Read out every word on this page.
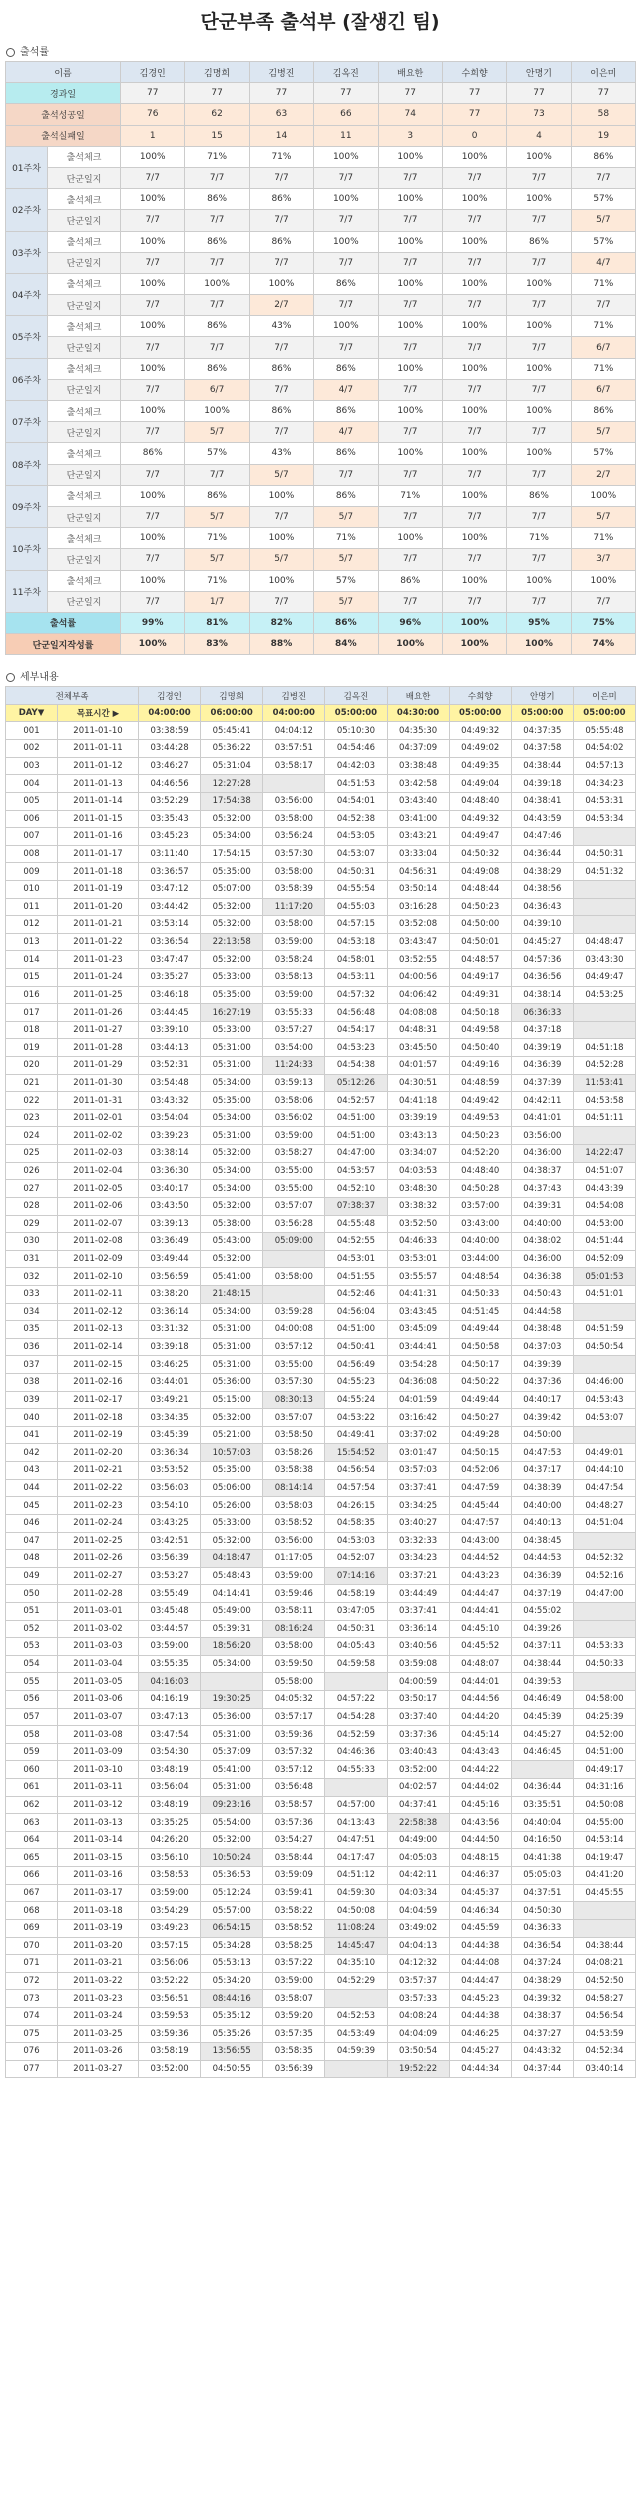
단군부족 출석부 (잘생긴 팀)
출석률
이름		김경인	김명희	김병진	김옥진	배요한	수희향	안명기	이은미
경과일		77	77	77	77	77	77	77	77
출석성공일		76	62	63	66	74	77	73	58
출석실패일		1	15	14	11	3	0	4	19
01주차	출석체크	100%	71%	71%	100%	100%	100%	100%	86%
	단군일지	7/7	7/7	7/7	7/7	7/7	7/7	7/7	7/7
02주차	출석체크	100%	86%	86%	100%	100%	100%	100%	57%
	단군일지	7/7	7/7	7/7	7/7	7/7	7/7	7/7	5/7
03주차	출석체크	100%	86%	86%	100%	100%	100%	86%	57%
	단군일지	7/7	7/7	7/7	7/7	7/7	7/7	7/7	4/7
04주차	출석체크	100%	100%	100%	86%	100%	100%	100%	71%
	단군일지	7/7	7/7	2/7	7/7	7/7	7/7	7/7	7/7
05주차	출석체크	100%	86%	43%	100%	100%	100%	100%	71%
	단군일지	7/7	7/7	7/7	7/7	7/7	7/7	7/7	6/7
06주차	출석체크	100%	86%	86%	86%	100%	100%	100%	71%
	단군일지	7/7	6/7	7/7	4/7	7/7	7/7	7/7	6/7
07주차	출석체크	100%	100%	86%	86%	100%	100%	100%	86%
	단군일지	7/7	5/7	7/7	4/7	7/7	7/7	7/7	5/7
08주차	출석체크	86%	57%	43%	86%	100%	100%	100%	57%
	단군일지	7/7	7/7	5/7	7/7	7/7	7/7	7/7	2/7
09주차	출석체크	100%	86%	100%	86%	71%	100%	86%	100%
	단군일지	7/7	5/7	7/7	5/7	7/7	7/7	7/7	5/7
10주차	출석체크	100%	71%	100%	71%	100%	100%	71%	71%
	단군일지	7/7	5/7	5/7	5/7	7/7	7/7	7/7	3/7
11주차	출석체크	100%	71%	100%	57%	86%	100%	100%	100%
	단군일지	7/7	1/7	7/7	5/7	7/7	7/7	7/7	7/7
출석률		99%	81%	82%	86%	96%	100%	95%	75%
단군일지작성률		100%	83%	88%	84%	100%	100%	100%	74%
세부내용
전체부족		김경인	김명희	김병진	김옥진	배요한	수희향	안명기	이은미
DAY▼	목표시간 ▶	04:00:00	06:00:00	04:00:00	05:00:00	04:30:00	05:00:00	05:00:00	05:00:00
001	2011-01-10	03:38:59	05:45:41	04:04:12	05:10:30	04:35:30	04:49:32	04:37:35	05:55:48
002	2011-01-11	03:44:28	05:36:22	03:57:51	04:54:46	04:37:09	04:49:02	04:37:58	04:54:02
003	2011-01-12	03:46:27	05:31:04	03:58:17	04:42:03	03:38:48	04:49:35	04:38:44	04:57:13
004	2011-01-13	04:46:56	12:27:28		04:51:53	03:42:58	04:49:04	04:39:18	04:34:23
005	2011-01-14	03:52:29	17:54:38	03:56:00	04:54:01	03:43:40	04:48:40	04:38:41	04:53:31
006	2011-01-15	03:35:43	05:32:00	03:58:00	04:52:38	03:41:00	04:49:32	04:43:59	04:53:34
007	2011-01-16	03:45:23	05:34:00	03:56:24	04:53:05	03:43:21	04:49:47	04:47:46	
008	2011-01-17	03:11:40	17:54:15	03:57:30	04:53:07	03:33:04	04:50:32	04:36:44	04:50:31
009	2011-01-18	03:36:57	05:35:00	03:58:00	04:50:31	04:56:31	04:49:08	04:38:29	04:51:32
010	2011-01-19	03:47:12	05:07:00	03:58:39	04:55:54	03:50:14	04:48:44	04:38:56	
011	2011-01-20	03:44:42	05:32:00	11:17:20	04:55:03	03:16:28	04:50:23	04:36:43	
012	2011-01-21	03:53:14	05:32:00	03:58:00	04:57:15	03:52:08	04:50:00	04:39:10	
013	2011-01-22	03:36:54	22:13:58	03:59:00	04:53:18	03:43:47	04:50:01	04:45:27	04:48:47
014	2011-01-23	03:47:47	05:32:00	03:58:24	04:58:01	03:52:55	04:48:57	04:57:36	03:43:30
015	2011-01-24	03:35:27	05:33:00	03:58:13	04:53:11	04:00:56	04:49:17	04:36:56	04:49:47
016	2011-01-25	03:46:18	05:35:00	03:59:00	04:57:32	04:06:42	04:49:31	04:38:14	04:53:25
017	2011-01-26	03:44:45	16:27:19	03:55:33	04:56:48	04:08:08	04:50:18	06:36:33	
018	2011-01-27	03:39:10	05:33:00	03:57:27	04:54:17	04:48:31	04:49:58	04:37:18	
019	2011-01-28	03:44:13	05:31:00	03:54:00	04:53:23	03:45:50	04:50:40	04:39:19	04:51:18
020	2011-01-29	03:52:31	05:31:00	11:24:33	04:54:38	04:01:57	04:49:16	04:36:39	04:52:28
021	2011-01-30	03:54:48	05:34:00	03:59:13	05:12:26	04:30:51	04:48:59	04:37:39	11:53:41
022	2011-01-31	03:43:32	05:35:00	03:58:06	04:52:57	04:41:18	04:49:42	04:42:11	04:53:58
023	2011-02-01	03:54:04	05:34:00	03:56:02	04:51:00	03:39:19	04:49:53	04:41:01	04:51:11
024	2011-02-02	03:39:23	05:31:00	03:59:00	04:51:00	03:43:13	04:50:23	03:56:00	
025	2011-02-03	03:38:14	05:32:00	03:58:27	04:47:00	03:34:07	04:52:20	04:36:00	14:22:47
026	2011-02-04	03:36:30	05:34:00	03:55:00	04:53:57	04:03:53	04:48:40	04:38:37	04:51:07
027	2011-02-05	03:40:17	05:34:00	03:55:00	04:52:10	03:48:30	04:50:28	04:37:43	04:43:39
028	2011-02-06	03:43:50	05:32:00	03:57:07	07:38:37	03:38:32	03:57:00	04:39:31	04:54:08
029	2011-02-07	03:39:13	05:38:00	03:56:28	04:55:48	03:52:50	03:43:00	04:40:00	04:53:00
030	2011-02-08	03:36:49	05:43:00	05:09:00	04:52:55	04:46:33	04:40:00	04:38:02	04:51:44
031	2011-02-09	03:49:44	05:32:00		04:53:01	03:53:01	03:44:00	04:36:00	04:52:09
032	2011-02-10	03:56:59	05:41:00	03:58:00	04:51:55	03:55:57	04:48:54	04:36:38	05:01:53
033	2011-02-11	03:38:20	21:48:15		04:52:46	04:41:31	04:50:33	04:50:43	04:51:01
034	2011-02-12	03:36:14	05:34:00	03:59:28	04:56:04	03:43:45	04:51:45	04:44:58	
035	2011-02-13	03:31:32	05:31:00	04:00:08	04:51:00	03:45:09	04:49:44	04:38:48	04:51:59
036	2011-02-14	03:39:18	05:31:00	03:57:12	04:50:41	03:44:41	04:50:58	04:37:03	04:50:54
037	2011-02-15	03:46:25	05:31:00	03:55:00	04:56:49	03:54:28	04:50:17	04:39:39	
038	2011-02-16	03:44:01	05:36:00	03:57:30	04:55:23	04:36:08	04:50:22	04:37:36	04:46:00
039	2011-02-17	03:49:21	05:15:00	08:30:13	04:55:24	04:01:59	04:49:44	04:40:17	04:53:43
040	2011-02-18	03:34:35	05:32:00	03:57:07	04:53:22	03:16:42	04:50:27	04:39:42	04:53:07
041	2011-02-19	03:45:39	05:21:00	03:58:50	04:49:41	03:37:02	04:49:28	04:50:00	
042	2011-02-20	03:36:34	10:57:03	03:58:26	15:54:52	03:01:47	04:50:15	04:47:53	04:49:01
043	2011-02-21	03:53:52	05:35:00	03:58:38	04:56:54	03:57:03	04:52:06	04:37:17	04:44:10
044	2011-02-22	03:56:03	05:06:00	08:14:14	04:57:54	03:37:41	04:47:59	04:38:39	04:47:54
045	2011-02-23	03:54:10	05:26:00	03:58:03	04:26:15	03:34:25	04:45:44	04:40:00	04:48:27
046	2011-02-24	03:43:25	05:33:00	03:58:52	04:58:35	03:40:27	04:47:57	04:40:13	04:51:04
047	2011-02-25	03:42:51	05:32:00	03:56:00	04:53:03	03:32:33	04:43:00	04:38:45	
048	2011-02-26	03:56:39	04:18:47	01:17:05	04:52:07	03:34:23	04:44:52	04:44:53	04:52:32
049	2011-02-27	03:53:27	05:48:43	03:59:00	07:14:16	03:37:21	04:43:23	04:36:39	04:52:16
050	2011-02-28	03:55:49	04:14:41	03:59:46	04:58:19	03:44:49	04:44:47	04:37:19	04:47:00
051	2011-03-01	03:45:48	05:49:00	03:58:11	03:47:05	03:37:41	04:44:41	04:55:02	
052	2011-03-02	03:44:57	05:39:31	08:16:24	04:50:31	03:36:14	04:45:10	04:39:26	
053	2011-03-03	03:59:00	18:56:20	03:58:00	04:05:43	03:40:56	04:45:52	04:37:11	04:53:33
054	2011-03-04	03:55:35	05:34:00	03:59:50	04:59:58	03:59:08	04:48:07	04:38:44	04:50:33
055	2011-03-05	04:16:03		05:58:00		04:00:59	04:44:01	04:39:53	
056	2011-03-06	04:16:19	19:30:25	04:05:32	04:57:22	03:50:17	04:44:56	04:46:49	04:58:00
057	2011-03-07	03:47:13	05:36:00	03:57:17	04:54:28	03:37:40	04:44:20	04:45:39	04:25:39
058	2011-03-08	03:47:54	05:31:00	03:59:36	04:52:59	03:37:36	04:45:14	04:45:27	04:52:00
059	2011-03-09	03:54:30	05:37:09	03:57:32	04:46:36	03:40:43	04:43:43	04:46:45	04:51:00
060	2011-03-10	03:48:19	05:41:00	03:57:12	04:55:33	03:52:00	04:44:22		04:49:17
061	2011-03-11	03:56:04	05:31:00	03:56:48		04:02:57	04:44:02	04:36:44	04:31:16
062	2011-03-12	03:48:19	09:23:16	03:58:57	04:57:00	04:37:41	04:45:16	03:35:51	04:50:08
063	2011-03-13	03:35:25	05:54:00	03:57:36	04:13:43	22:58:38	04:43:56	04:40:04	04:55:00
064	2011-03-14	04:26:20	05:32:00	03:54:27	04:47:51	04:49:00	04:44:50	04:16:50	04:53:14
065	2011-03-15	03:56:10	10:50:24	03:58:44	04:17:47	04:05:03	04:48:15	04:41:38	04:19:47
066	2011-03-16	03:58:53	05:36:53	03:59:09	04:51:12	04:42:11	04:46:37	05:05:03	04:41:20
067	2011-03-17	03:59:00	05:12:24	03:59:41	04:59:30	04:03:34	04:45:37	04:37:51	04:45:55
068	2011-03-18	03:54:29	05:57:00	03:58:22	04:50:08	04:04:59	04:46:34	04:50:30	
069	2011-03-19	03:49:23	06:54:15	03:58:52	11:08:24	03:49:02	04:45:59	04:36:33	
070	2011-03-20	03:57:15	05:34:28	03:58:25	14:45:47	04:04:13	04:44:38	04:36:54	04:38:44
071	2011-03-21	03:56:06	05:53:13	03:57:22	04:35:10	04:12:32	04:44:08	04:37:24	04:08:21
072	2011-03-22	03:52:22	05:34:20	03:59:00	04:52:29	03:57:37	04:44:47	04:38:29	04:52:50
073	2011-03-23	03:56:51	08:44:16	03:58:07		03:57:33	04:45:23	04:39:32	04:58:27
074	2011-03-24	03:59:53	05:35:12	03:59:20	04:52:53	04:08:24	04:44:38	04:38:37	04:56:54
075	2011-03-25	03:59:36	05:35:26	03:57:35	04:53:49	04:04:09	04:46:25	04:37:27	04:53:59
076	2011-03-26	03:58:19	13:56:55	03:58:35	04:59:39	03:50:54	04:45:27	04:43:32	04:52:34
077	2011-03-27	03:52:00	04:50:55	03:56:39		19:52:22	04:44:34	04:37:44	03:40:14
